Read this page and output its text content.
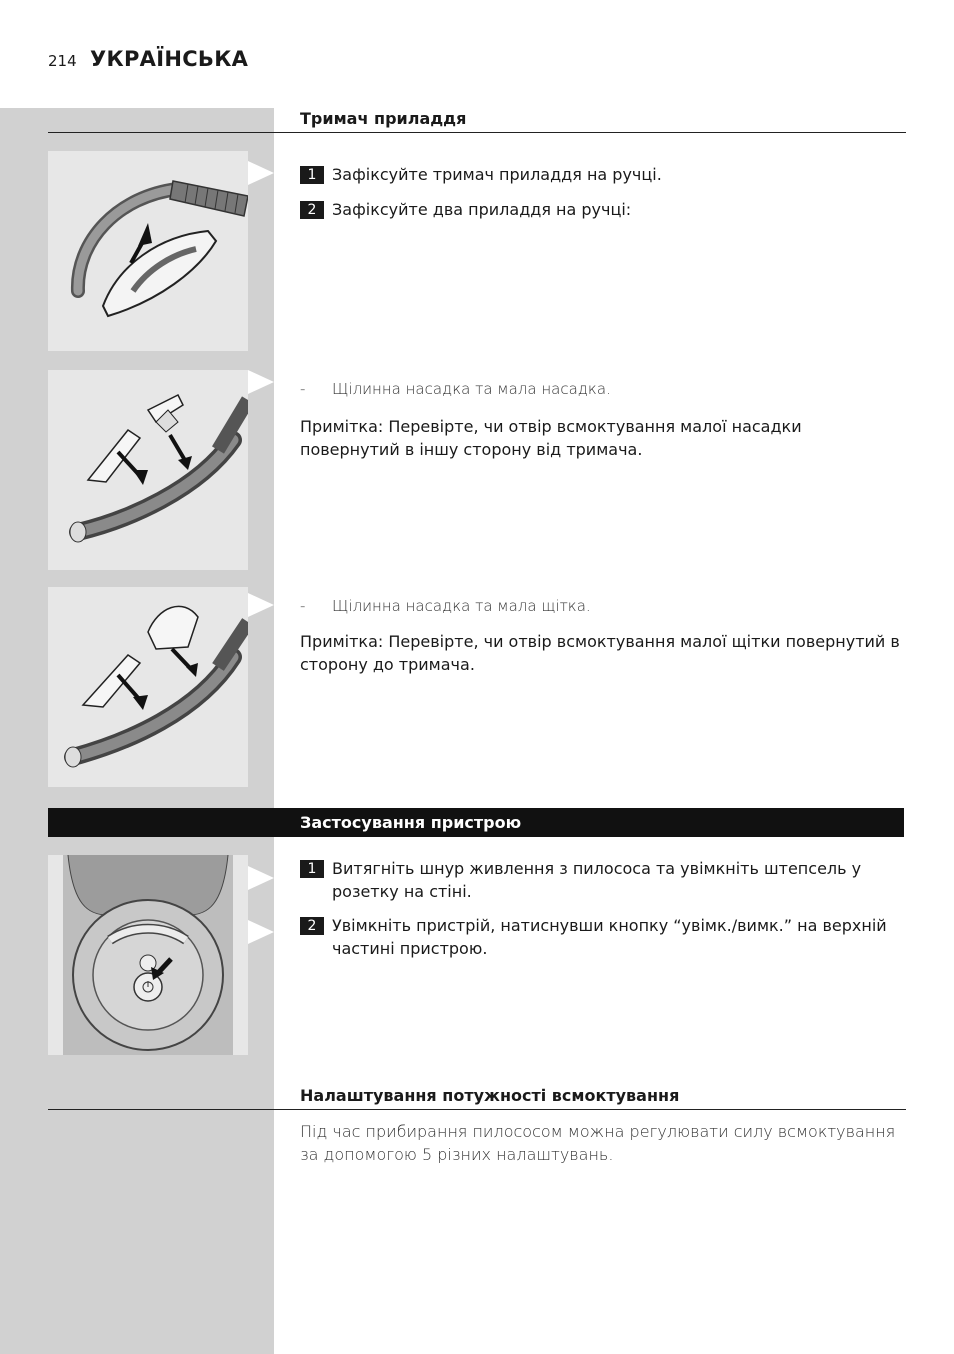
214 УКРАЇНСЬКА
Тримач приладдя
1 Зафіксуйте тримач приладдя на ручці.
2 Зафіксуйте два приладдя на ручці:
- Щілинна насадка та мала насадка.
Примітка: Перевірте, чи отвір всмоктування малої насадки повернутий в іншу сторону від тримача.
- Щілинна насадка та мала щітка.
Примітка: Перевірте, чи отвір всмоктування малої щітки повернутий в сторону до тримача.
Застосування пристрою
1 Витягніть шнур живлення з пилососа та увімкніть штепсель у розетку на стіні.
2 Увімкніть пристрій, натиснувши кнопку “увімк./вимк.” на верхній частині пристрою.
Налаштування потужності всмоктування
Під час прибирання пилососом можна регулювати силу всмоктування за допомогою 5 різних налаштувань.
